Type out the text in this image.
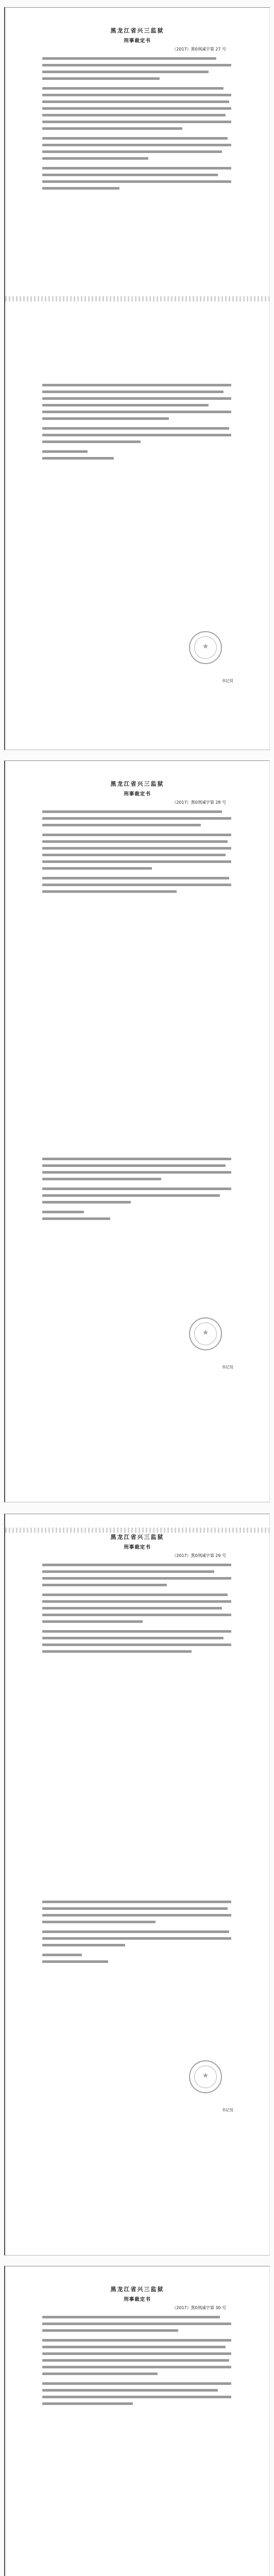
黑龙江省兴三监狱
刑事裁定书
（2017）黑0刑减字第 27 号
★
书记员
黑龙江省兴三监狱
刑事裁定书
（2017）黑0刑减字第 28 号
★
书记员
黑龙江省兴三监狱
刑事裁定书
（2017）黑0刑减字第 29 号
★
书记员
黑龙江省兴三监狱
刑事裁定书
（2017）黑0刑减字第 30 号
